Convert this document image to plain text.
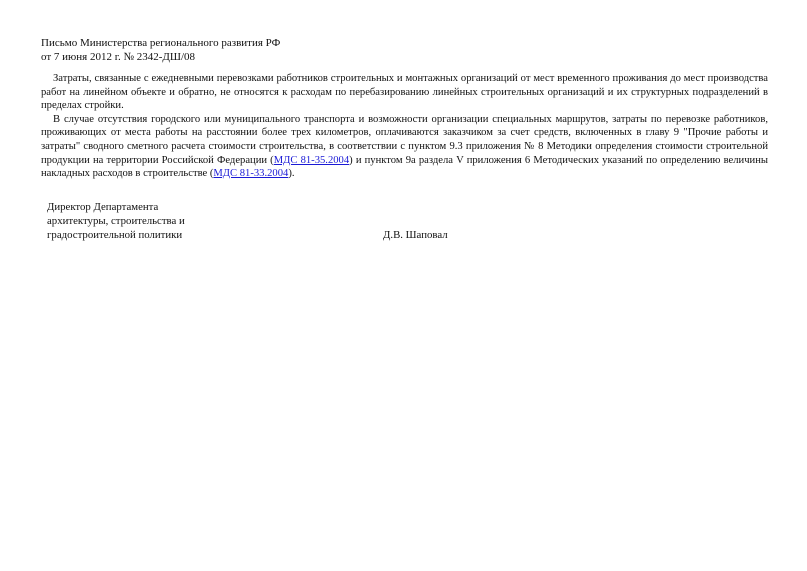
Письмо Министерства регионального развития РФ
от 7 июня 2012 г. № 2342-ДШ/08

Затраты, связанные с ежедневными перевозками работников строительных и монтажных организаций от мест временного проживания до мест производства работ на линейном объекте и обратно, не относятся к расходам по перебазированию линейных строительных организаций и их структурных подразделений в пределах стройки.

В случае отсутствия городского или муниципального транспорта и возможности организации специальных маршрутов, затраты по перевозке работников, проживающих от места работы на расстоянии более трех километров, оплачиваются заказчиком за счет средств, включенных в главу 9 "Прочие работы и затраты" сводного сметного расчета стоимости строительства, в соответствии с пунктом 9.3 приложения № 8 Методики определения стоимости строительной продукции на территории Российской Федерации (МДС 81-35.2004) и пунктом 9а раздела V приложения 6 Методических указаний по определению величины накладных расходов в строительстве (МДС 81-33.2004).

Директор Департамента
архитектуры, строительства и
градостроительной политики	Д.В. Шаповал
